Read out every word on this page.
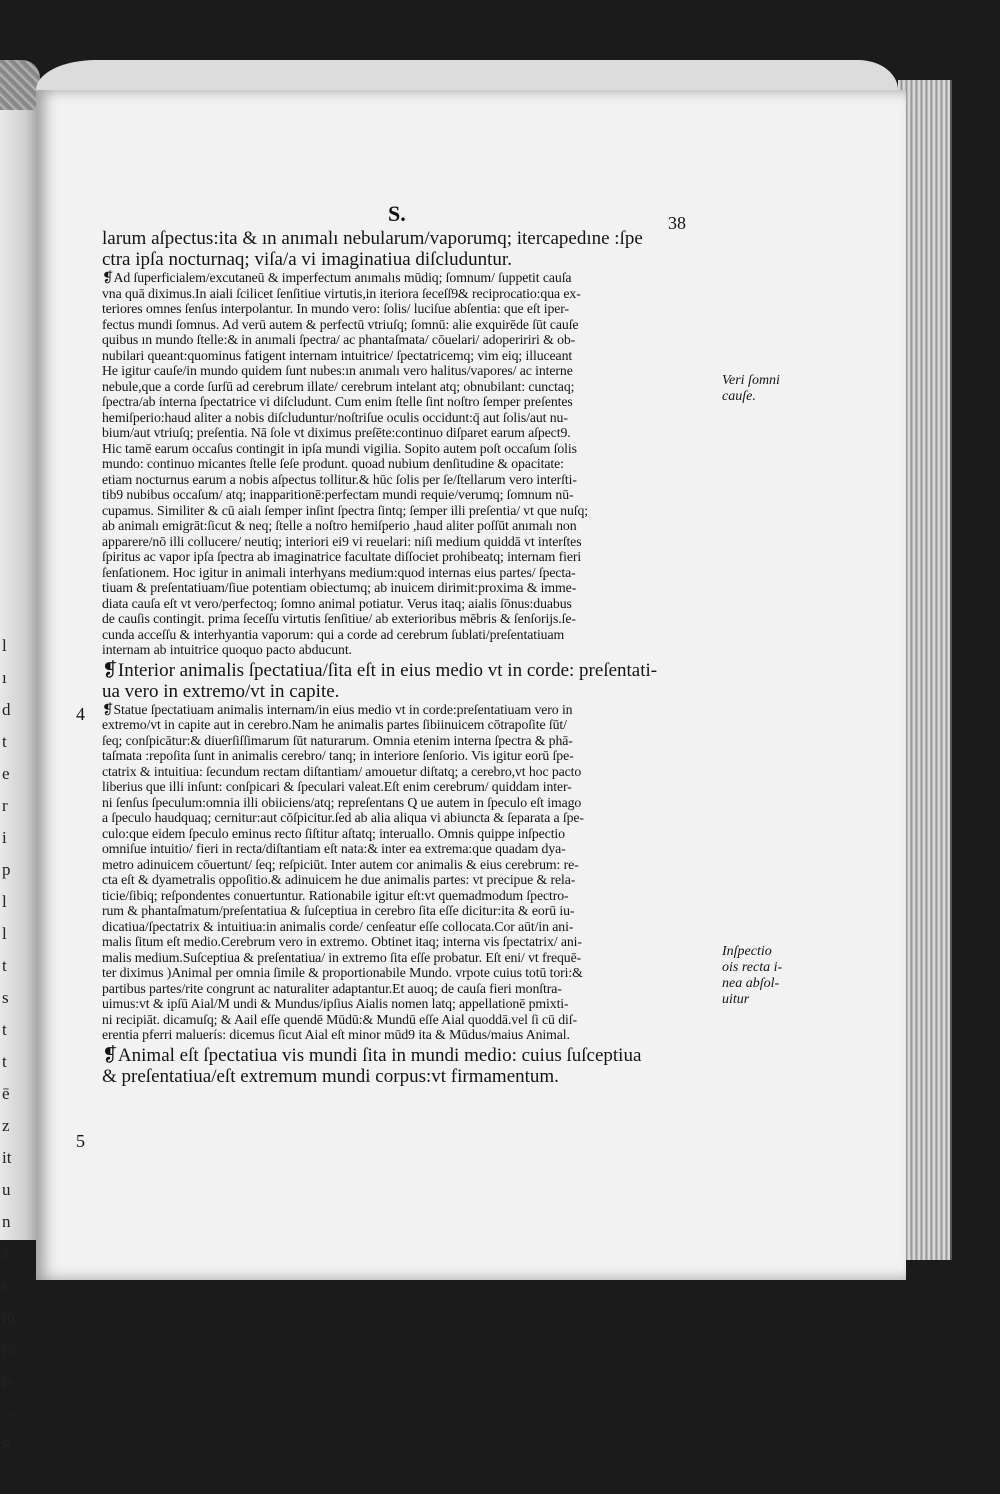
l
ı
d
t
e
r
i
p
l
l
t
s
t
t
ē
z
it
u
n
ā
s
lū
fē
is
—
S
S.	38
4
5
larum aſpectus:ita & ın anımalı nebularum/vaporumq; itercapedıne :ſpe
ctra ipſa nocturnaq; viſa/a vi imaginatiua diſcluduntur.
❡Ad ſuperficialem/excutaneū & imperfectum anımalıs mūdiq; ſomnum/ ſuppetit cauſa
vna quā diximus.In aiali ſcilicet ſenſitiue virtutis,in iteriora ſeceſſ9& reciprocatio:qua ex-
teriores omnes ſenſus interpolantur. In mundo vero: ſolis/ luciſue abſentia: que eſt iper-
fectus mundi ſomnus. Ad verū autem & perfectū vtriuſq; ſomnū: alie exquirēde ſūt cauſe
quibus ın mundo ſtelle:& in anımali ſpectra/ ac phantaſmata/ cōuelari/ adopeririri & ob-
nubilari queant:quominus fatigent internam intuitrice/ ſpectatricemq; vim eiq; illuceant
He igitur cauſe/in mundo quidem ſunt nubes:ın anımalı vero halitus/vapores/ ac interne
nebule,que a corde ſurſū ad cerebrum illate/ cerebrum intelant atq; obnubilant: cunctaq;
ſpectra/ab interna ſpectatrice vi diſcludunt. Cum enim ſtelle ſint noſtro ſemper preſentes
hemiſperio:haud aliter a nobis diſcluduntur/noſtriſue oculis occidunt:q̄ aut ſolis/aut nu-
bium/aut vtriuſq; preſentia. Nā ſole vt diximus preſēte:continuo diſparet earum aſpect9.
Hic tamē earum occaſus contingit in ipſa mundi vigilia. Sopito autem poſt occaſum ſolis
mundo: continuo micantes ſtelle ſeſe produnt. quoad nubium denſitudine & opacitate:
etiam nocturnus earum a nobis aſpectus tollitur.& hūc ſolis per ſe/ſtellarum vero interſti-
tib9 nubibus occaſum/ atq; inapparitionē:perfectam mundi requie/verumq; ſomnum nū-
cupamus. Similiter & cū aialı ſemper inſint ſpectra ſintq; ſemper illi preſentia/ vt que nuſq;
ab animalı emigrāt:ſicut & neq; ſtelle a noſtro hemiſperio ,haud aliter poſſūt anımalı non
apparere/nō illi collucere/ neutiq; interiori ei9 vi reuelari: niſi medium quiddā vt interſtes
ſpiritus ac vapor ipſa ſpectra ab imaginatrice facultate diſſociet prohibeatq; internam fieri
ſenſationem. Hoc igitur in animali interhyans medium:quod internas eius partes/ ſpecta-
tiuam & preſentatiuam/ſiue potentiam obiectumq; ab inuicem dirimit:proxima & imme-
diata cauſa eſt vt vero/perfectoq; ſomno animal potiatur. Verus itaq; aialis ſōnus:duabus
de cauſis contingit. prima ſeceſſu virtutis ſenſitiue/ ab exterioribus mēbris & ſenſorijs.ſe-
cunda acceſſu & interhyantia vaporum: qui a corde ad cerebrum ſublati/preſentatiuam
internam ab intuitrice quoquo pacto abducunt.
❡Interior animalis ſpectatiua/ſita eſt in eius medio vt in corde: preſentati-
ua vero in extremo/vt in capite.
❡Statue ſpectatiuam animalis internam/in eius medio vt in corde:preſentatiuam vero in
extremo/vt in capite aut in cerebro.Nam he animalis partes ſibiinuicem cōtrapoſite ſūt/
ſeq; conſpicātur:& diuerſiſſimarum ſūt naturarum. Omnia etenim interna ſpectra & phā-
taſmata :repoſita ſunt in animalis cerebro/ tanq; in interiore ſenſorio. Vis igitur eorū ſpe-
ctatrix & intuitiua: ſecundum rectam diſtantiam/ amouetur diſtatq; a cerebro,vt hoc pacto
liberius que illi inſunt: conſpicari & ſpeculari valeat.Eſt enim cerebrum/ quiddam inter-
ni ſenſus ſpeculum:omnia illi obiiciens/atq; repreſentans Q ue autem in ſpeculo eſt imago
a ſpeculo haudquaq; cernitur:aut cōſpicitur.ſed ab alia aliqua vi abiuncta & ſeparata a ſpe-
culo:que eidem ſpeculo eminus recto ſiſtitur aſtatq; interuallo. Omnis quippe inſpectio
omniſue intuitio/ fieri in recta/diſtantiam eſt nata:& inter ea extrema:que quadam dya-
metro adinuicem cōuertunt/ ſeq; reſpiciūt. Inter autem cor animalis & eius cerebrum: re-
cta eſt & dyametralis oppoſitio.& adinuicem he due animalis partes: vt precipue & rela-
ticie/ſibiq; reſpondentes conuertuntur. Rationabile igitur eſt:vt quemadmodum ſpectro-
rum & phantaſmatum/preſentatiua & ſuſceptiua in cerebro ſita eſſe dicitur:ita & eorū iu-
dicatiua/ſpectatrix & intuitiua:in animalis corde/ cenſeatur eſſe collocata.Cor aūt/in ani-
malis ſitum eſt medio.Cerebrum vero in extremo. Obtinet itaq; interna vis ſpectatrix/ ani-
malis medium.Suſceptiua & preſentatiua/ in extremo ſita eſſe probatur. Eſt eni/ vt frequē-
ter diximus )Animal per omnia ſimile & proportionabile Mundo. vrpote cuius totū tori:&
partibus partes/rite congrunt ac naturaliter adaptantur.Et auoq; de cauſa fieri monſtra-
uimus:vt & ipſū Aial/M undi & Mundus/ipſius Aialis nomen latq; appellationē pmixti-
ni recipiāt. dicamuſq; & Aail eſſe quendē Mūdū:& Mundū eſſe Aial quoddā.vel ſi cū diſ-
erentia pferri maluerís: dicemus ſicut Aial eſt minor mūd9 ita & Mūdus/maius Animal.
❡Animal eſt ſpectatiua vis mundi ſita in mundi medio: cuius ſuſceptiua
& preſentatiua/eſt extremum mundi corpus:vt firmamentum.
Veri ſomni
cauſe.
Inſpectio
ois recta i-
nea abſol-
uitur
